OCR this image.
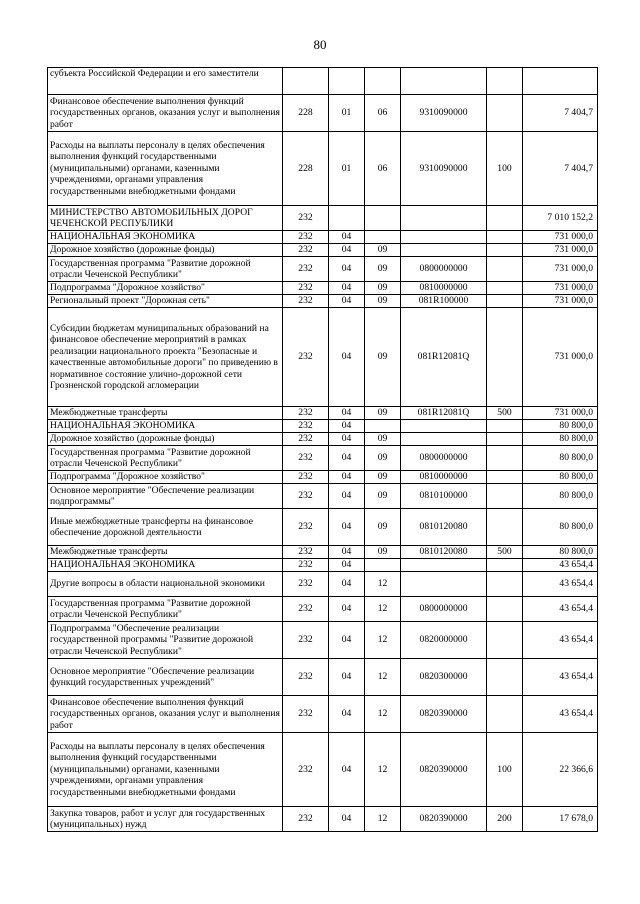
80
субъекта Российской Федерации и его заместители						
Финансовое обеспечение выполнения функций государственных органов, оказания услуг и выполнения работ	228	01	06	9310090000		7 404,7
Расходы на выплаты персоналу в целях обеспечения выполнения функций государственными (муниципальными) органами, казенными учреждениями, органами управления государственными внебюджетными фондами	228	01	06	9310090000	100	7 404,7
МИНИСТЕРСТВО АВТОМОБИЛЬНЫХ ДОРОГ ЧЕЧЕНСКОЙ РЕСПУБЛИКИ	232					7 010 152,2
НАЦИОНАЛЬНАЯ ЭКОНОМИКА	232	04				731 000,0
Дорожное хозяйство (дорожные фонды)	232	04	09			731 000,0
Государственная программа "Развитие дорожной отрасли Чеченской Республики"	232	04	09	0800000000		731 000,0
Подпрограмма "Дорожное хозяйство"	232	04	09	0810000000		731 000,0
Региональный проект "Дорожная сеть"	232	04	09	081R100000		731 000,0
Субсидии бюджетам муниципальных образований на финансовое обеспечение мероприятий в рамках реализации национального проекта "Безопасные и качественные автомобильные дороги" по приведению в нормативное состояние улично-дорожной сети Грозненской городской агломерации	232	04	09	081R12081Q		731 000,0
Межбюджетные трансферты	232	04	09	081R12081Q	500	731 000,0
НАЦИОНАЛЬНАЯ ЭКОНОМИКА	232	04				80 800,0
Дорожное хозяйство (дорожные фонды)	232	04	09			80 800,0
Государственная программа "Развитие дорожной отрасли Чеченской Республики"	232	04	09	0800000000		80 800,0
Подпрограмма "Дорожное хозяйство"	232	04	09	0810000000		80 800,0
Основное мероприятие "Обеспечение реализации подпрограммы"	232	04	09	0810100000		80 800,0
Иные межбюджетные трансферты на финансовое обеспечение дорожной деятельности	232	04	09	0810120080		80 800,0
Межбюджетные трансферты	232	04	09	0810120080	500	80 800,0
НАЦИОНАЛЬНАЯ ЭКОНОМИКА	232	04				43 654,4
Другие вопросы в области национальной экономики	232	04	12			43 654,4
Государственная программа "Развитие дорожной отрасли Чеченской Республики"	232	04	12	0800000000		43 654,4
Подпрограмма "Обеспечение реализации государственной программы "Развитие дорожной отрасли Чеченской Республики"	232	04	12	0820000000		43 654,4
Основное мероприятие "Обеспечение реализации функций государственных учреждений"	232	04	12	0820300000		43 654,4
Финансовое обеспечение выполнения функций государственных органов, оказания услуг и выполнения работ	232	04	12	0820390000		43 654,4
Расходы на выплаты персоналу в целях обеспечения выполнения функций государственными (муниципальными) органами, казенными учреждениями, органами управления государственными внебюджетными фондами	232	04	12	0820390000	100	22 366,6
Закупка товаров, работ и услуг для государственных (муниципальных) нужд	232	04	12	0820390000	200	17 678,0
